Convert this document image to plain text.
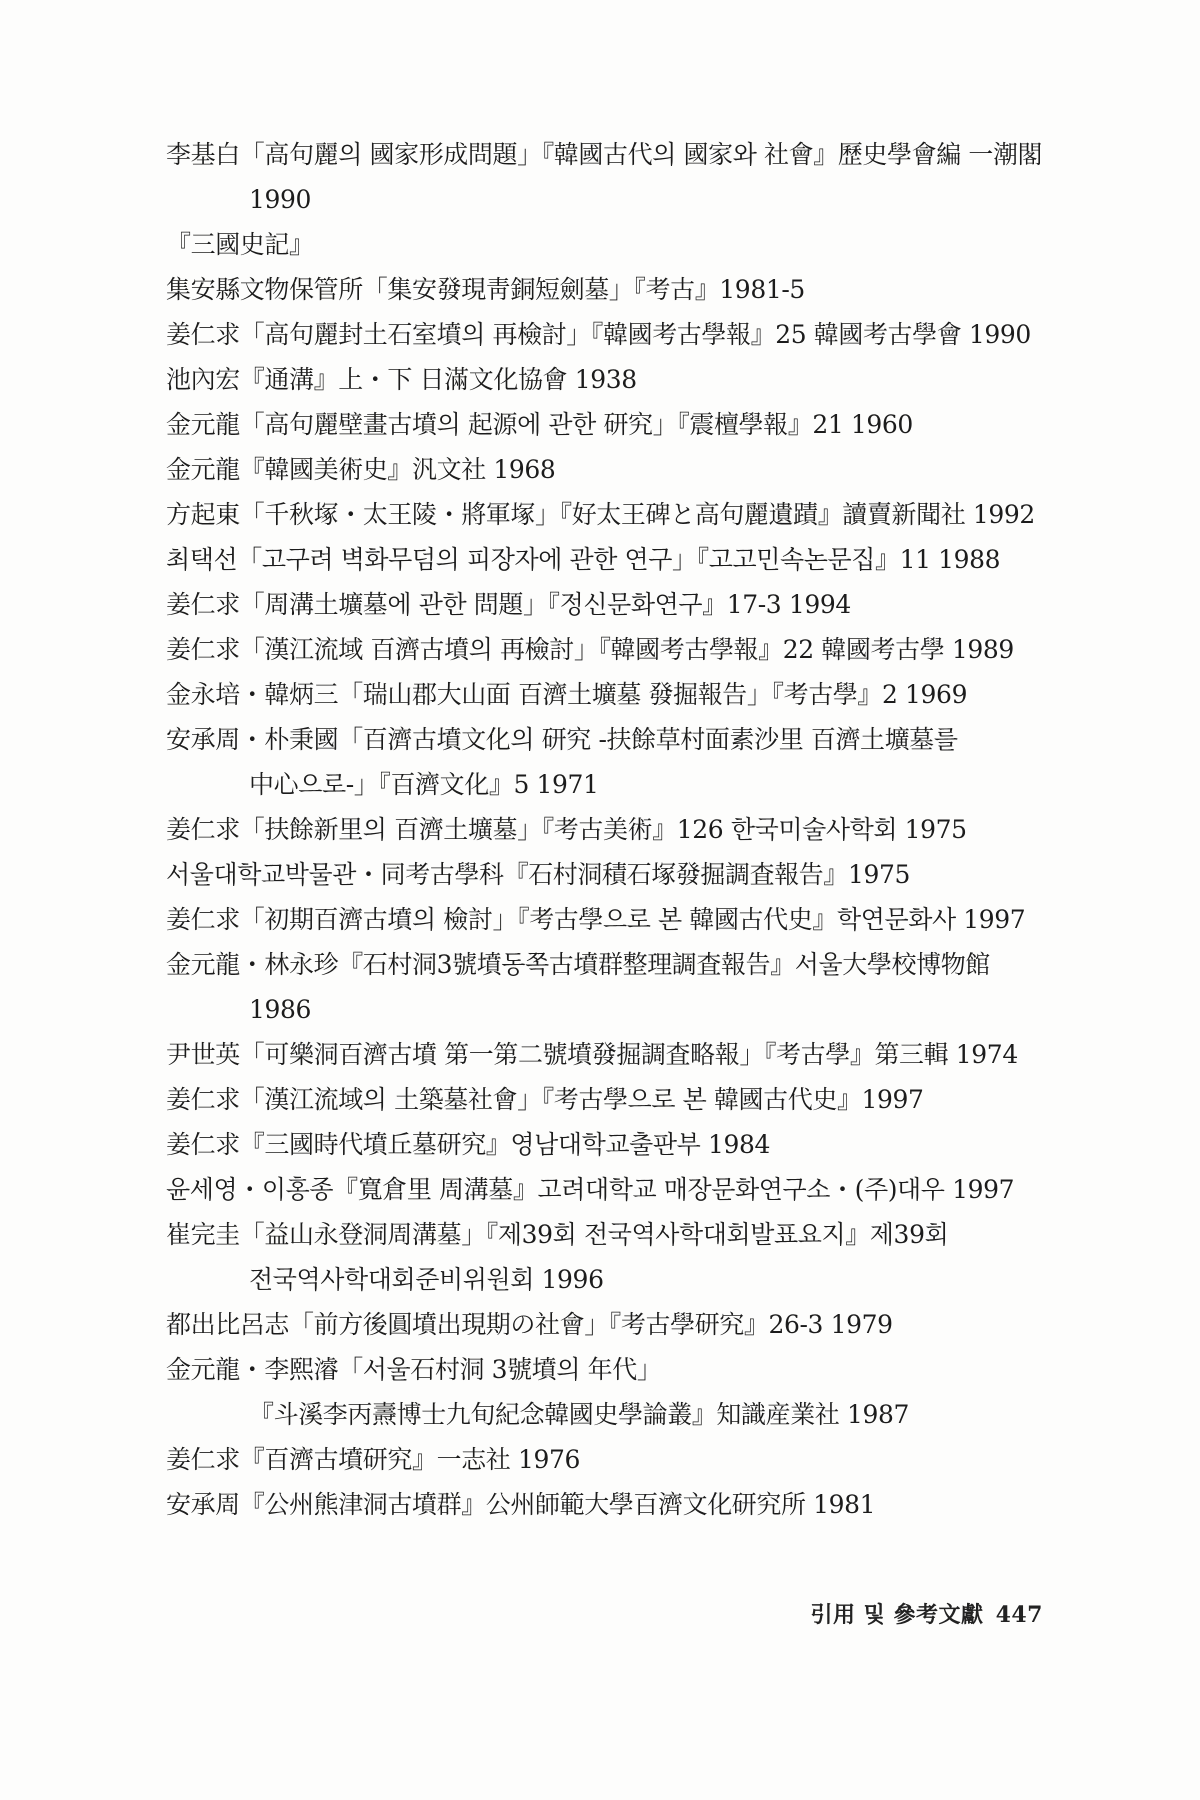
李基白「高句麗의 國家形成問題」『韓國古代의 國家와 社會』歷史學會編 一潮閣 1990
『三國史記』
集安縣文物保管所「集安發現靑銅短劍墓」『考古』1981-5
姜仁求「高句麗封土石室墳의 再檢討」『韓國考古學報』25 韓國考古學會 1990
池內宏『通溝』上・下 日滿文化協會 1938
金元龍「高句麗壁畫古墳의 起源에 관한 研究」『震檀學報』21 1960
金元龍『韓國美術史』汎文社 1968
方起東「千秋塚・太王陵・將軍塚」『好太王碑と高句麗遺蹟』讀賣新聞社 1992
최택선「고구려 벽화무덤의 피장자에 관한 연구」『고고민속논문집』11 1988
姜仁求「周溝土壙墓에 관한 問題」『정신문화연구』17-3 1994
姜仁求「漢江流域 百濟古墳의 再檢討」『韓國考古學報』22 韓國考古學 1989
金永培・韓炳三「瑞山郡大山面 百濟土壙墓 發掘報告」『考古學』2 1969
安承周・朴秉國「百濟古墳文化의 研究 -扶餘草村面素沙里 百濟土壙墓를 中心으로-」『百濟文化』5 1971
姜仁求「扶餘新里의 百濟土壙墓」『考古美術』126 한국미술사학회 1975
서울대학교박물관・同考古學科『石村洞積石塚發掘調査報告』1975
姜仁求「初期百濟古墳의 檢討」『考古學으로 본 韓國古代史』학연문화사 1997
金元龍・林永珍『石村洞3號墳동쪽古墳群整理調査報告』서울大學校博物館 1986
尹世英「可樂洞百濟古墳 第一第二號墳發掘調査略報」『考古學』第三輯 1974
姜仁求「漢江流域의 土築墓社會」『考古學으로 본 韓國古代史』1997
姜仁求『三國時代墳丘墓研究』영남대학교출판부 1984
윤세영・이홍종『寬倉里 周溝墓』고려대학교 매장문화연구소・(주)대우 1997
崔完圭「益山永登洞周溝墓」『제39회 전국역사학대회발표요지』제39회 전국역사학대회준비위원회 1996
都出比呂志「前方後圓墳出現期の社會」『考古學研究』26-3 1979
金元龍・李熙濬「서울石村洞 3號墳의 年代」『斗溪李丙燾博士九旬紀念韓國史學論叢』知識産業社 1987
姜仁求『百濟古墳研究』一志社 1976
安承周『公州熊津洞古墳群』公州師範大學百濟文化研究所 1981
引用 및 參考文獻 447
